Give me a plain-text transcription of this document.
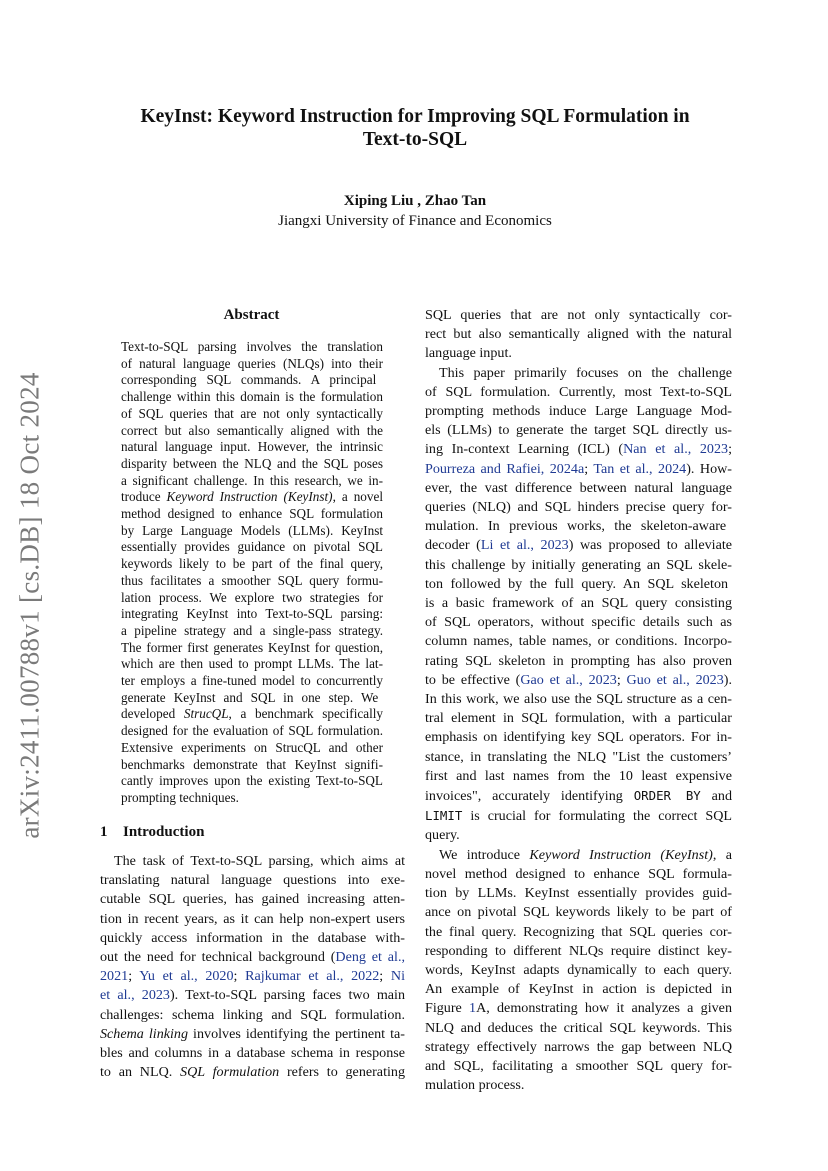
arXiv:2411.00788v1 [cs.DB] 18 Oct 2024
KeyInst: Keyword Instruction for Improving SQL Formulation in
Text-to-SQL
Xiping Liu , Zhao Tan
Jiangxi University of Finance and Economics
Abstract
Text-to-SQL parsing involves the translation
of natural language queries (NLQs) into their
corresponding SQL commands. A principal
challenge within this domain is the formulation
of SQL queries that are not only syntactically
correct but also semantically aligned with the
natural language input. However, the intrinsic
disparity between the NLQ and the SQL poses
a significant challenge. In this research, we in-
troduce Keyword Instruction (KeyInst), a novel
method designed to enhance SQL formulation
by Large Language Models (LLMs). KeyInst
essentially provides guidance on pivotal SQL
keywords likely to be part of the final query,
thus facilitates a smoother SQL query formu-
lation process. We explore two strategies for
integrating KeyInst into Text-to-SQL parsing:
a pipeline strategy and a single-pass strategy.
The former first generates KeyInst for question,
which are then used to prompt LLMs. The lat-
ter employs a fine-tuned model to concurrently
generate KeyInst and SQL in one step. We
developed StrucQL, a benchmark specifically
designed for the evaluation of SQL formulation.
Extensive experiments on StrucQL and other
benchmarks demonstrate that KeyInst signifi-
cantly improves upon the existing Text-to-SQL
prompting techniques.
1 Introduction
The task of Text-to-SQL parsing, which aims at
translating natural language questions into exe-
cutable SQL queries, has gained increasing atten-
tion in recent years, as it can help non-expert users
quickly access information in the database with-
out the need for technical background (Deng et al.,
2021; Yu et al., 2020; Rajkumar et al., 2022; Ni
et al., 2023). Text-to-SQL parsing faces two main
challenges: schema linking and SQL formulation.
Schema linking involves identifying the pertinent ta-
bles and columns in a database schema in response
to an NLQ. SQL formulation refers to generating
SQL queries that are not only syntactically cor-
rect but also semantically aligned with the natural
language input.
This paper primarily focuses on the challenge
of SQL formulation. Currently, most Text-to-SQL
prompting methods induce Large Language Mod-
els (LLMs) to generate the target SQL directly us-
ing In-context Learning (ICL) (Nan et al., 2023;
Pourreza and Rafiei, 2024a; Tan et al., 2024). How-
ever, the vast difference between natural language
queries (NLQ) and SQL hinders precise query for-
mulation. In previous works, the skeleton-aware
decoder (Li et al., 2023) was proposed to alleviate
this challenge by initially generating an SQL skele-
ton followed by the full query. An SQL skeleton
is a basic framework of an SQL query consisting
of SQL operators, without specific details such as
column names, table names, or conditions. Incorpo-
rating SQL skeleton in prompting has also proven
to be effective (Gao et al., 2023; Guo et al., 2023).
In this work, we also use the SQL structure as a cen-
tral element in SQL formulation, with a particular
emphasis on identifying key SQL operators. For in-
stance, in translating the NLQ "List the customers’
first and last names from the 10 least expensive
invoices", accurately identifying ORDER BY and
LIMIT is crucial for formulating the correct SQL
query.
We introduce Keyword Instruction (KeyInst), a
novel method designed to enhance SQL formula-
tion by LLMs. KeyInst essentially provides guid-
ance on pivotal SQL keywords likely to be part of
the final query. Recognizing that SQL queries cor-
responding to different NLQs require distinct key-
words, KeyInst adapts dynamically to each query.
An example of KeyInst in action is depicted in
Figure 1A, demonstrating how it analyzes a given
NLQ and deduces the critical SQL keywords. This
strategy effectively narrows the gap between NLQ
and SQL, facilitating a smoother SQL query for-
mulation process.
